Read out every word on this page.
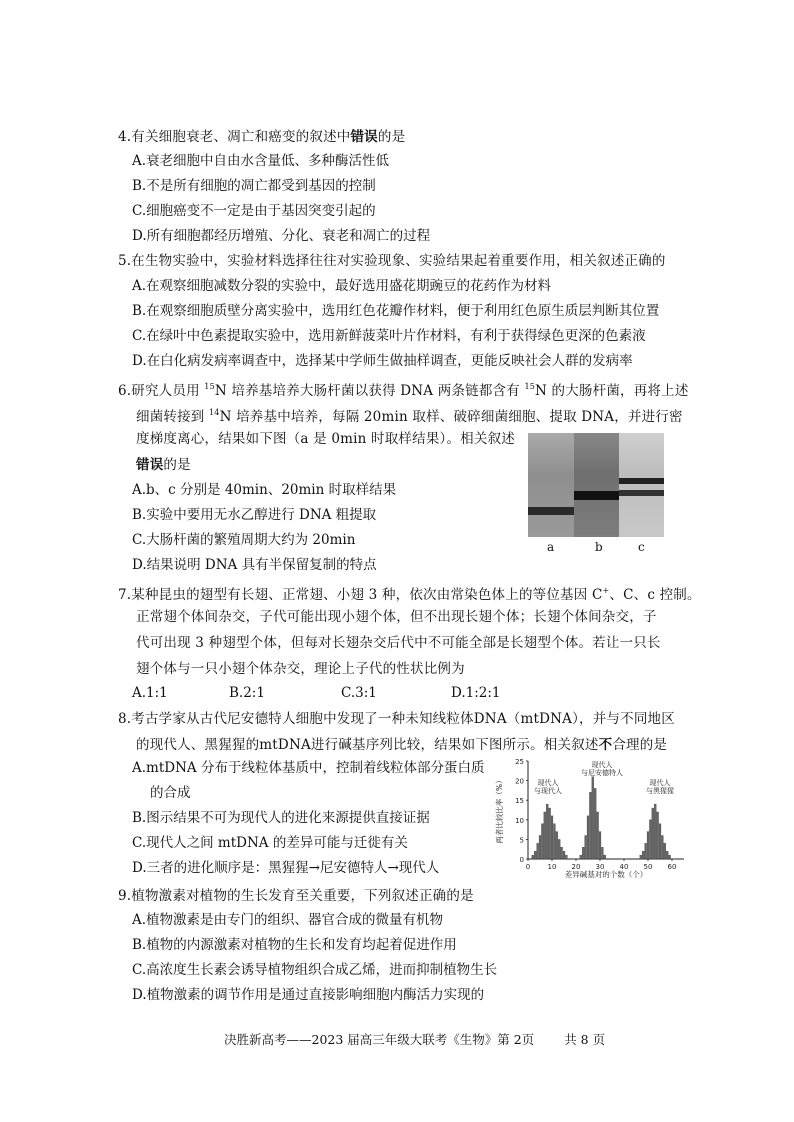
4.有关细胞衰老、凋亡和癌变的叙述中错误的是
A.衰老细胞中自由水含量低、多种酶活性低
B.不是所有细胞的凋亡都受到基因的控制
C.细胞癌变不一定是由于基因突变引起的
D.所有细胞都经历增殖、分化、衰老和凋亡的过程
5.在生物实验中，实验材料选择往往对实验现象、实验结果起着重要作用，相关叙述正确的
A.在观察细胞减数分裂的实验中，最好选用盛花期豌豆的花药作为材料
B.在观察细胞质壁分离实验中，选用红色花瓣作材料，便于利用红色原生质层判断其位置
C.在绿叶中色素提取实验中，选用新鲜菠菜叶片作材料，有利于获得绿色更深的色素液
D.在白化病发病率调查中，选择某中学师生做抽样调查，更能反映社会人群的发病率
6.研究人员用 $^{15}$N 培养基培养大肠杆菌以获得 DNA 两条链都含有 $^{15}$N 的大肠杆菌，再将上述
细菌转接到 $^{14}$N 培养基中培养，每隔 20min 取样、破碎细菌细胞、提取 DNA，并进行密
度梯度离心，结果如下图（a 是 0min 时取样结果）。相关叙述
错误的是
A.b、c 分别是 40min、20min 时取样结果
B.实验中要用无水乙醇进行 DNA 粗提取
C.大肠杆菌的繁殖周期大约为 20min
D.结果说明 DNA 具有半保留复制的特点
a	b	c
7.某种昆虫的翅型有长翅、正常翅、小翅 3 种，依次由常染色体上的等位基因 C+、C、c 控制。
正常翅个体间杂交，子代可能出现小翅个体，但不出现长翅个体；长翅个体间杂交，子
代可出现 3 种翅型个体，但每对长翅杂交后代中不可能全部是长翅型个体。若让一只长
翅个体与一只小翅个体杂交，理论上子代的性状比例为
A.1:1	B.2:1	C.3:1	D.1:2:1
8.考古学家从古代尼安德特人细胞中发现了一种未知线粒体DNA（mtDNA），并与不同地区
的现代人、黑猩猩的mtDNA进行碱基序列比较，结果如下图所示。相关叙述不合理的是
A.mtDNA 分布于线粒体基质中，控制着线粒体部分蛋白质
的合成
B.图示结果不可为现代人的进化来源提供直接证据
C.现代人之间 mtDNA 的差异可能与迁徙有关
D.三者的进化顺序是：黑猩猩→尼安德特人→现代人	0
5
10
15
20
25
0 10 20 30 40 50 60
差异碱基对的个数（个）
两者比较比率（%）	现代人
与现代人
现代人
与尼安德特人
现代人
与黑猩猩
9.植物激素对植物的生长发育至关重要，下列叙述正确的是
A.植物激素是由专门的组织、器官合成的微量有机物
B.植物的内源激素对植物的生长和发育均起着促进作用
C.高浓度生长素会诱导植物组织合成乙烯，进而抑制植物生长
D.植物激素的调节作用是通过直接影响细胞内酶活力实现的
决胜新高考——2023 届高三年级大联考《生物》第 2页 共 8 页
